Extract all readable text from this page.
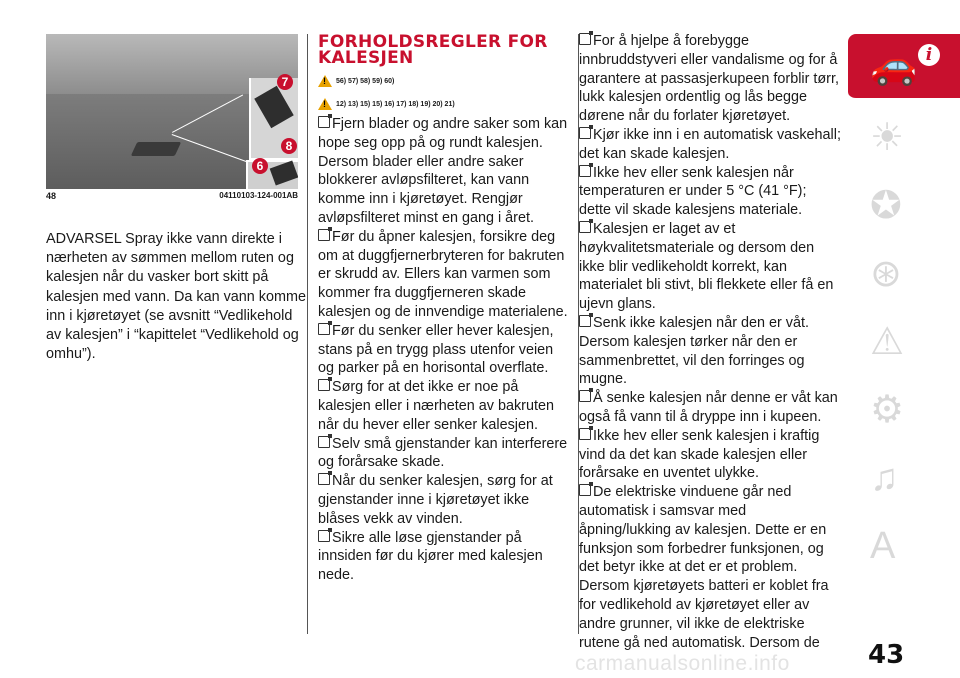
7
8
6
48	04110103-124-001AB

ADVARSEL Spray ikke vann direkte i nærheten av sømmen mellom ruten og kalesjen når du vasker bort skitt på kalesjen med vann. Da kan vann komme inn i kjøretøyet (se avsnitt “Vedlikehold av kalesjen” i “kapittelet “Vedlikehold og omhu”).

FORHOLDSREGLER FOR
KALESJEN
!
56) 57) 58) 59) 60)
!
12) 13) 15) 15) 16) 17) 18) 19) 20) 21)

Fjern blader og andre saker som kan hope seg opp på og rundt kalesjen. Dersom blader eller andre saker blokkerer avløpsfilteret, kan vann komme inn i kjøretøyet. Rengjør avløpsfilteret minst en gang i året.

Før du åpner kalesjen, forsikre deg om at duggfjernerbryteren for bakruten er skrudd av. Ellers kan varmen som kommer fra duggfjerneren skade kalesjen og de innvendige materialene.

Før du senker eller hever kalesjen, stans på en trygg plass utenfor veien og parker på en horisontal overflate.

Sørg for at det ikke er noe på kalesjen eller i nærheten av bakruten når du hever eller senker kalesjen.

Selv små gjenstander kan interferere og forårsake skade.

Når du senker kalesjen, sørg for at gjenstander inne i kjøretøyet ikke blåses vekk av vinden.

Sikre alle løse gjenstander på innsiden før du kjører med kalesjen nede.

For å hjelpe å forebygge innbruddstyveri eller vandalisme og for å garantere at passasjerkupeen forblir tørr, lukk kalesjen ordentlig og lås begge dørene når du forlater kjøretøyet.

Kjør ikke inn i en automatisk vaskehall; det kan skade kalesjen.

Ikke hev eller senk kalesjen når temperaturen er under 5 °C (41 °F); dette vil skade kalesjens materiale.

Kalesjen er laget av et høykvalitetsmateriale og dersom den ikke blir vedlikeholdt korrekt, kan materialet bli stivt, bli flekkete eller få en ujevn glans.

Senk ikke kalesjen når den er våt. Dersom kalesjen tørker når den er sammenbrettet, vil den forringes og mugne.

Å senke kalesjen når denne er våt kan også få vann til å dryppe inn i kupeen.

Ikke hev eller senk kalesjen i kraftig vind da det kan skade kalesjen eller forårsake en uventet ulykke.

De elektriske vinduene går ned automatisk i samsvar med åpning/lukking av kalesjen. Dette er en funksjon som forbedrer funksjonen, og det betyr ikke at det er et problem. Dersom kjøretøyets batteri er koblet fra for vedlikehold av kjøretøyet eller av andre grunner, vil ikke de elektriske rutene gå ned automatisk. Dersom de

🚗 i
☀
✪
⊛
⚠
⚙
♫
A
carmanualsonline.info	43
